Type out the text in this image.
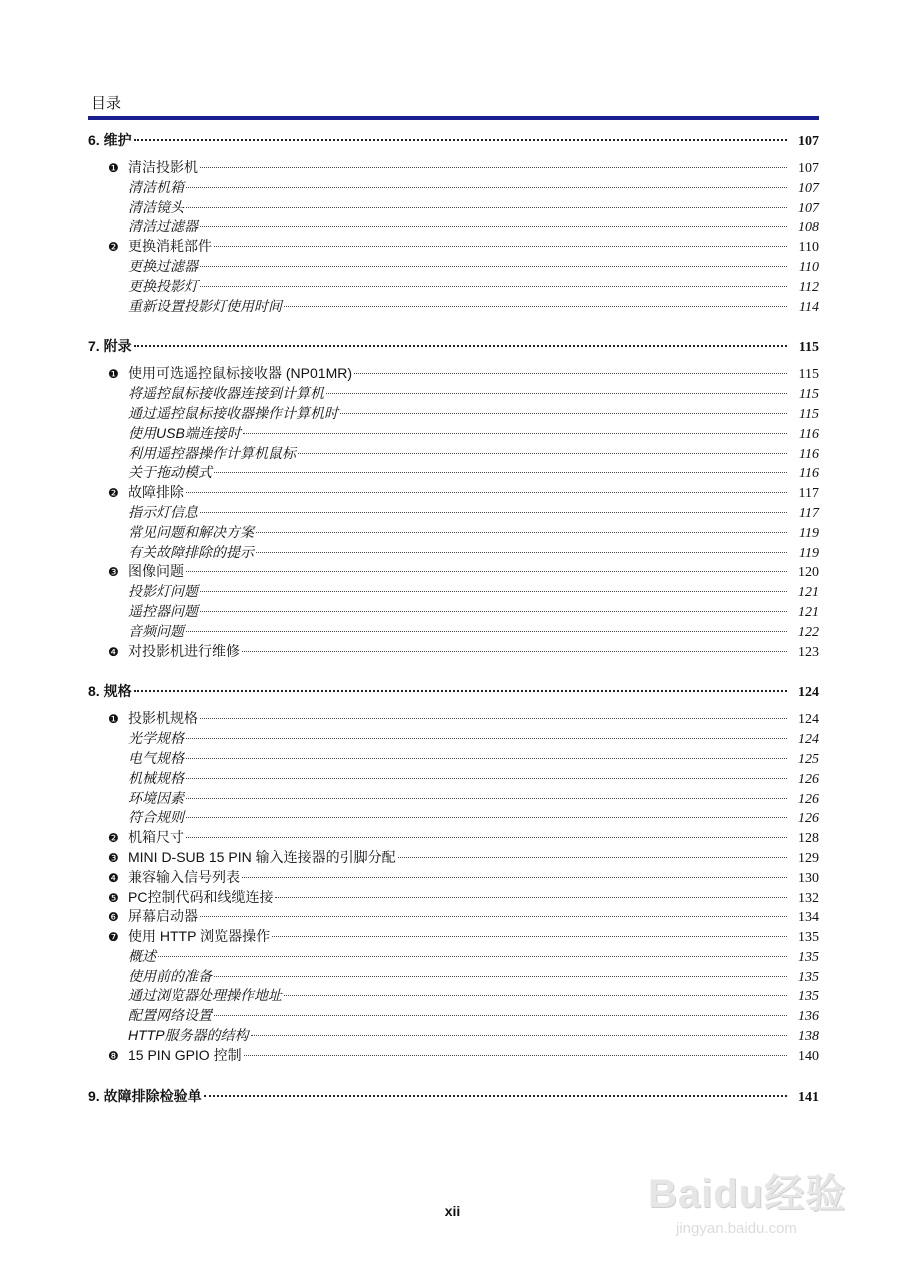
目录
6. 维护	107
❶ 清洁投影机	107
清洁机箱	107
清洁镜头	107
清洁过滤器	108
❷ 更换消耗部件	110
更换过滤器	110
更换投影灯	112
重新设置投影灯使用时间	114
7. 附录	115
❶ 使用可选遥控鼠标接收器 (NP01MR)	115
将遥控鼠标接收器连接到计算机	115
通过遥控鼠标接收器操作计算机时	115
使用USB端连接时	116
利用遥控器操作计算机鼠标	116
关于拖动模式	116
❷ 故障排除	117
指示灯信息	117
常见问题和解决方案	119
有关故障排除的提示	119
❸ 图像问题	120
投影灯问题	121
遥控器问题	121
音频问题	122
❹ 对投影机进行维修	123
8. 规格	124
❶ 投影机规格	124
光学规格	124
电气规格	125
机械规格	126
环境因素	126
符合规则	126
❷ 机箱尺寸	128
❸ MINI D-SUB 15 PIN 输入连接器的引脚分配	129
❹ 兼容输入信号列表	130
❺ PC控制代码和线缆连接	132
❻ 屏幕启动器	134
❼ 使用 HTTP 浏览器操作	135
概述	135
使用前的准备	135
通过浏览器处理操作地址	135
配置网络设置	136
HTTP服务器的结构	138
❽ 15 PIN GPIO 控制	140
9. 故障排除检验单	141
xii	Baidu经验
jingyan.baidu.com
